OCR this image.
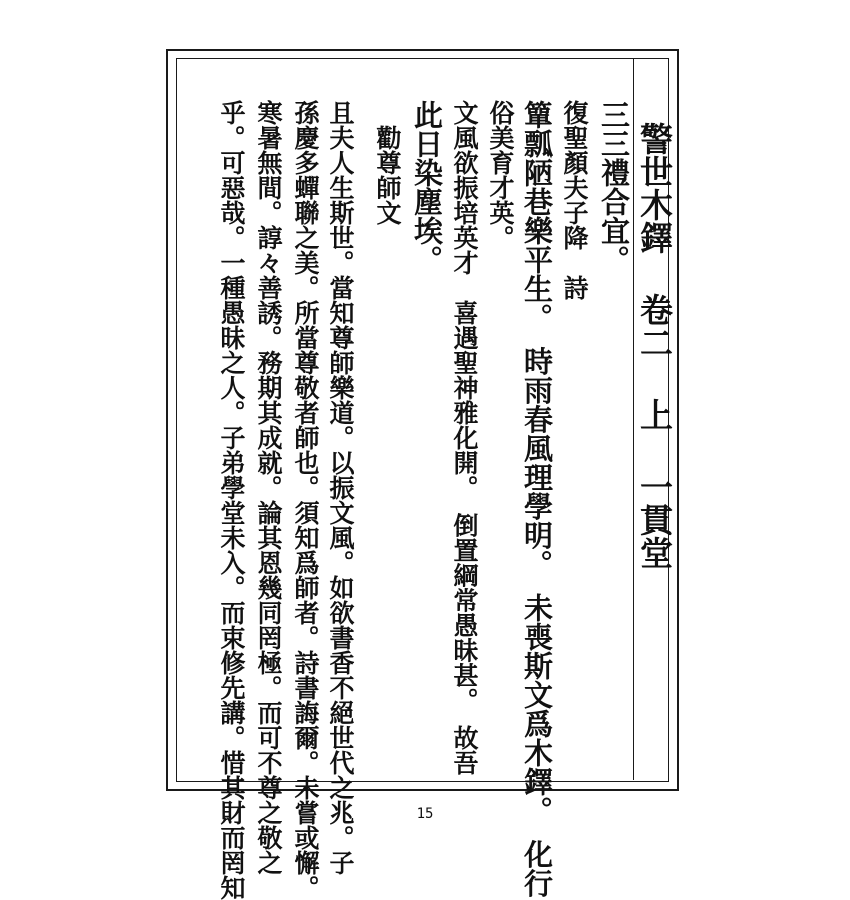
警世木鐸 卷二 上 一貫堂
三三禮合宜。
復聖顏夫子降　詩
簞瓢陋巷樂平生。　時雨春風理學明。　未喪斯文爲木鐸。　化行
俗美育才英。
文風欲振培英才　喜遇聖神雅化開。　倒置綱常愚昧甚。　故吾
此日染塵埃。
　勸尊師文
且夫人生斯世。當知尊師樂道。以振文風。如欲書香不絕世代之兆。子
孫慶多蟬聯之美。所當尊敬者師也。須知爲師者。詩書誨爾。未嘗或懈。
寒暑無間。諄々善誘。務期其成就。論其恩幾同罔極。而可不尊之敬之
乎。可惡哉。一種愚昧之人。子弟學堂未入。而束修先講。惜其財而罔知	15
